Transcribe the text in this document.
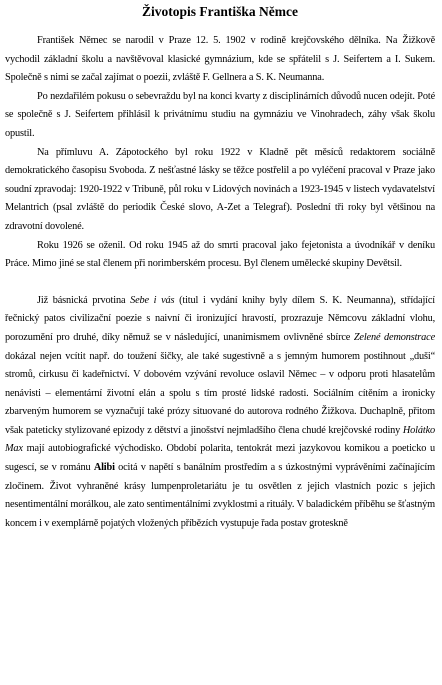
Životopis Františka Němce

František Němec se narodil v Praze 12. 5. 1902 v rodině krejčovského dělníka. Na Žižkově vychodil základní školu a navštěvoval klasické gymnázium, kde se spřátelil s J. Seifertem a I. Sukem. Společně s nimi se začal zajímat o poezii, zvláště F. Gellnera a S. K. Neumanna.

Po nezdařilém pokusu o sebevraždu byl na konci kvarty z disciplinárních důvodů nucen odejít. Poté se společně s J. Seifertem přihlásil k privátnímu studiu na gymnáziu ve Vinohradech, záhy však školu opustil.

Na přímluvu A. Zápotockého byl roku 1922 v Kladně pět měsíců redaktorem sociálně demokratického časopisu Svoboda. Z nešťastné lásky se těžce postřelil a po vyléčení pracoval v Praze jako soudní zpravodaj: 1920-1922 v Tribuně, půl roku v Lidových novinách a 1923-1945 v listech vydavatelství Melantrich (psal zvláště do periodik České slovo, A-Zet a Telegraf). Poslední tři roky byl většinou na zdravotní dovolené.

Roku 1926 se oženil. Od roku 1945 až do smrti pracoval jako fejetonista a úvodníkář v deníku Práce. Mimo jiné se stal členem při norimberském procesu. Byl členem umělecké skupiny Devětsil.

Již básnická prvotina Sebe i vás (titul i vydání knihy byly dílem S. K. Neumanna), střídající řečnický patos civilizační poezie s naivní či ironizující hravostí, prozrazuje Němcovu základní vlohu, porozumění pro druhé, díky němuž se v následující, unanimismem ovlivněné sbírce Zelené demonstrace dokázal nejen vcítit např. do toužení šičky, ale také sugestivně a s jemným humorem postihnout „duši“ stromů, cirkusu či kadeřnictví. V dobovém vzývání revoluce oslavil Němec – v odporu proti hlasatelům nenávisti – elementární životní elán a spolu s tím prosté lidské radosti. Sociálním cítěním a ironicky zbarveným humorem se vyznačují také prózy situované do autorova rodného Žižkova. Duchaplně, přitom však pateticky stylizované epizody z dětství a jinošství nejmladšího člena chudé krejčovské rodiny Holátko Max mají autobiografické východisko. Období polarita, tentokrát mezi jazykovou komikou a poeticko u sugescí, se v románu Alibi ocitá v napětí s banálním prostředím a s úzkostnými vyprávěními začínajícím zločinem. Život vyhraněné krásy lumpenproletariátu je tu osvětlen z jejich vlastních pozic s jejich nesentimentální morálkou, ale zato sentimentálními zvyklostmi a rituály. V baladickém příběhu se šťastným koncem i v exemplárně pojatých vložených příbězích vystupuje řada postav groteskně
